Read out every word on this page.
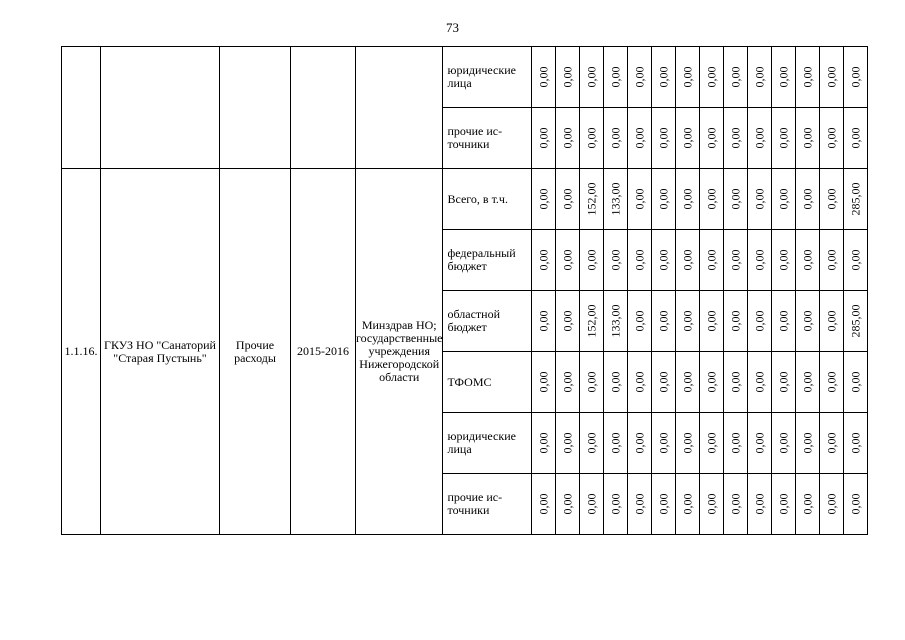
73
					юридические лица	0,00	0,00	0,00	0,00	0,00	0,00	0,00	0,00	0,00	0,00	0,00	0,00	0,00	0,00

					прочие ис-точники	0,00	0,00	0,00	0,00	0,00	0,00	0,00	0,00	0,00	0,00	0,00	0,00	0,00	0,00

1.1.16.	ГКУЗ НО "Санаторий "Старая Пустынь"	Прочие расходы	2015-2016	Минздрав НО; государственные учреждения Нижегородской области	Всего, в т.ч.	0,00	0,00	152,00	133,00	0,00	0,00	0,00	0,00	0,00	0,00	0,00	0,00	0,00	285,00

					федеральный бюджет	0,00	0,00	0,00	0,00	0,00	0,00	0,00	0,00	0,00	0,00	0,00	0,00	0,00	0,00

					областной бюджет	0,00	0,00	152,00	133,00	0,00	0,00	0,00	0,00	0,00	0,00	0,00	0,00	0,00	285,00

					ТФОМС	0,00	0,00	0,00	0,00	0,00	0,00	0,00	0,00	0,00	0,00	0,00	0,00	0,00	0,00

					юридические лица	0,00	0,00	0,00	0,00	0,00	0,00	0,00	0,00	0,00	0,00	0,00	0,00	0,00	0,00

					прочие ис-точники	0,00	0,00	0,00	0,00	0,00	0,00	0,00	0,00	0,00	0,00	0,00	0,00	0,00	0,00
